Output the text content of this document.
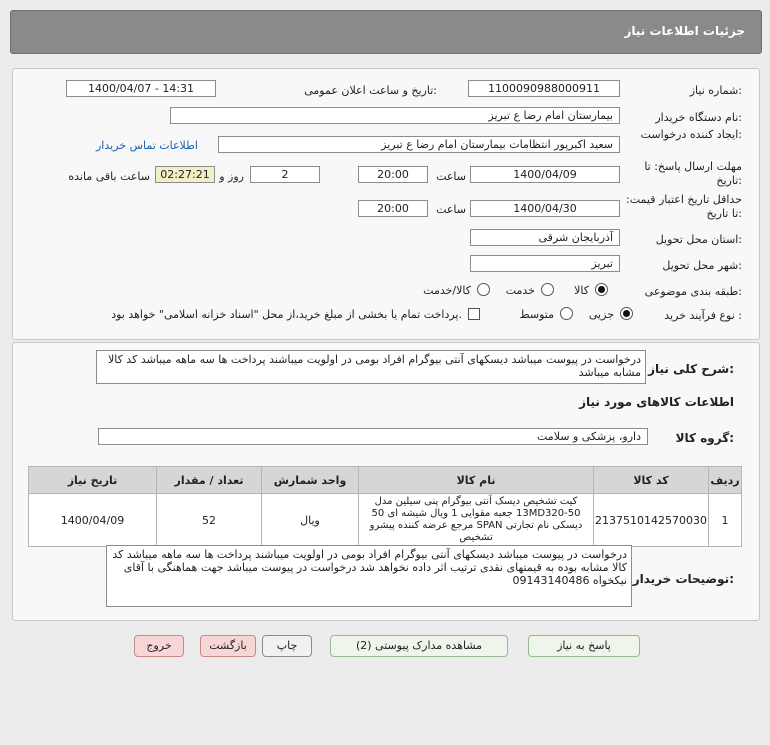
جزئیات اطلاعات نیاز
شماره نیاز:
1100090988000911
تاریخ و ساعت اعلان عمومی:
1400/04/07 - 14:31
نام دستگاه خریدار:
بیمارستان امام رضا ع تبریز
ایجاد کننده درخواست:
سعید اکبرپور انتظامات بیمارستان امام رضا ع تبریز
اطلاعات تماس خریدار
مهلت ارسال پاسخ: تا تاریخ:
1400/04/09
ساعت
20:00
2
روز و
02:27:21
ساعت باقی مانده
حداقل تاریخ اعتبار قیمت: تا تاریخ:
1400/04/30
ساعت
20:00
استان محل تحویل:
آذربایجان شرقی
شهر محل تحویل:
تبریز
طبقه بندی موضوعی:
کالا
خدمت
کالا/خدمت
نوع فرآیند خرید :
جزیی
متوسط
پرداخت تمام یا بخشی از مبلغ خرید،از محل "اسناد خزانه اسلامی" خواهد بود.
شرح کلی نیاز:
درخواست در پیوست میباشد دیسکهای آنتی بیوگرام افراد بومی در اولویت میباشند پرداخت ها سه ماهه میباشد کد کالا مشابه میباشد
اطلاعات کالاهای مورد نیاز
گروه کالا:
دارو، پزشکی و سلامت
ردیف	کد کالا	نام کالا	واحد شمارش	تعداد / مقدار	تاریخ نیاز
1	2137510142570030	کیت تشخیص دیسک آنتی بیوگرام پنی سیلین مدل 13MD320-50 جعبه مقوایی 1 ویال شیشه ای 50 دیسکی نام تجارتی SPAN مرجع عرضه کننده پیشرو تشخیص	ویال	52	1400/04/09
توضیحات خریدار:
درخواست در پیوست میباشد دیسکهای آنتی بیوگرام افراد بومی در اولویت میباشند پرداخت ها سه ماهه میباشد کد کالا مشابه بوده به قیمتهای نقدی ترتیب اثر داده نخواهد شد درخواست در پیوست میباشد جهت هماهنگی با آقای نیکخواه 09143140486
پاسخ به نیاز
مشاهده مدارک پیوستی (2)
چاپ
بازگشت
خروج
